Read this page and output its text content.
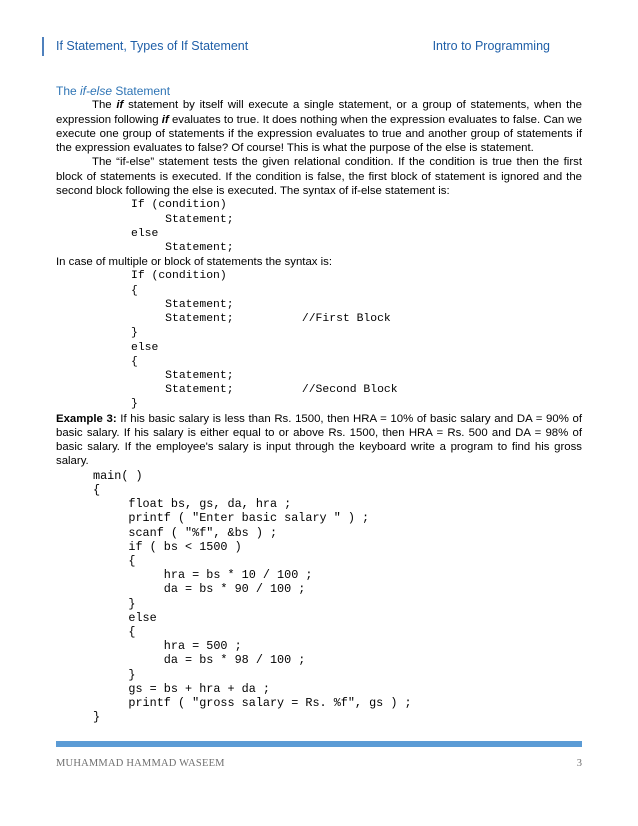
If Statement, Types of If Statement	Intro to Programming
The if-else Statement

The if statement by itself will execute a single statement, or a group of statements, when the expression following if evaluates to true. It does nothing when the expression evaluates to false. Can we execute one group of statements if the expression evaluates to true and another group of statements if the expression evaluates to false? Of course! This is what the purpose of the else is statement.

The “if-else” statement tests the given relational condition. If the condition is true then the first block of statements is executed. If the condition is false, the first block of statement is ignored and the second block following the else is executed. The syntax of if-else statement is:

If (condition)
Statement;
else
Statement;

In case of multiple or block of statements the syntax is:

If (condition)
{
Statement;
Statement;          //First Block
}
else
{
Statement;
Statement;          //Second Block
}

Example 3: If his basic salary is less than Rs. 1500, then HRA = 10% of basic salary and DA = 90% of basic salary. If his salary is either equal to or above Rs. 1500, then HRA = Rs. 500 and DA = 98% of basic salary. If the employee's salary is input through the keyboard write a program to find his gross salary.

main( )
{
float bs, gs, da, hra ;
printf ( "Enter basic salary " ) ;
scanf ( "%f", &bs ) ;
if ( bs < 1500 )
{
hra = bs * 10 / 100 ;
da = bs * 90 / 100 ;
}
else
{
hra = 500 ;
da = bs * 98 / 100 ;
}
gs = bs + hra + da ;
printf ( "gross salary = Rs. %f", gs ) ;
}
MUHAMMAD HAMMAD WASEEM	3
